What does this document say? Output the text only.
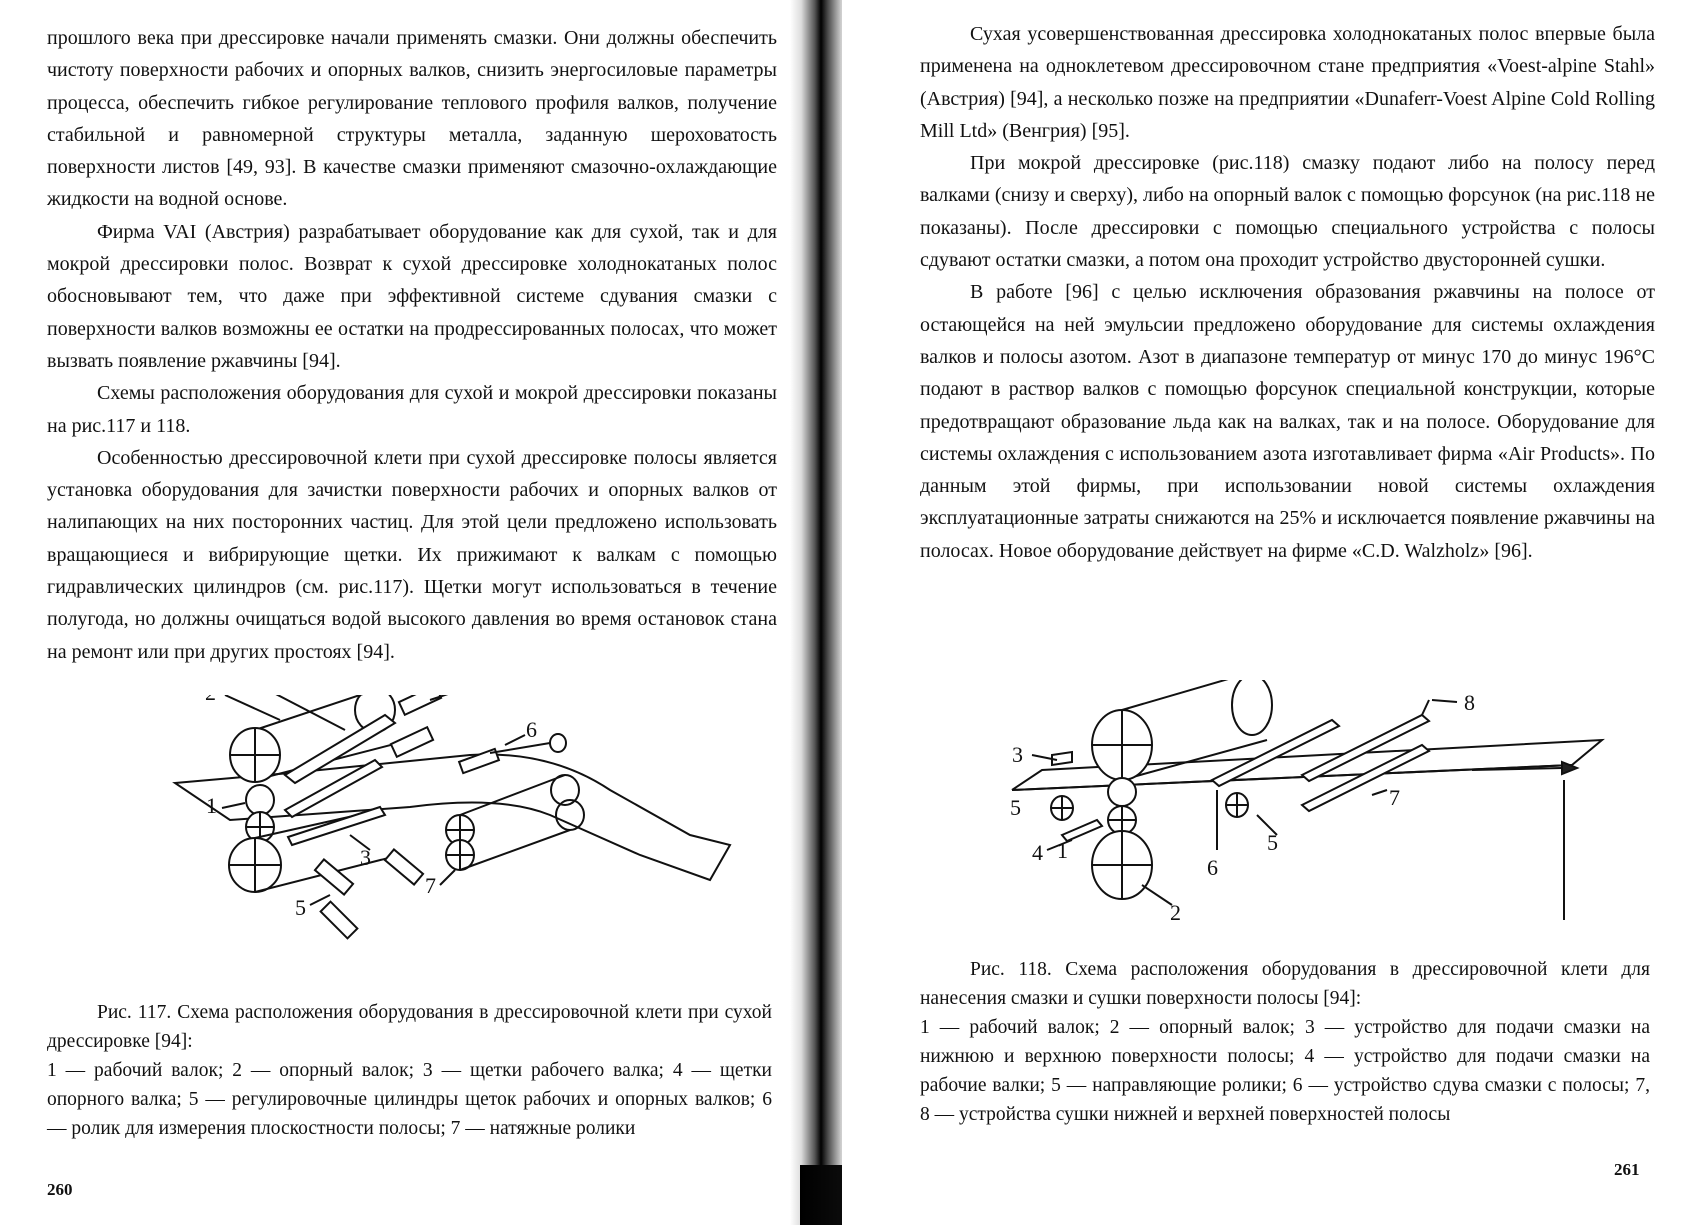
прошлого века при дрессировке начали применять смазки. Они должны обеспечить чистоту поверхности рабочих и опорных валков, снизить энергосиловые параметры процесса, обеспечить гибкое регулирование теплового профиля валков, получение стабильной и равномерной структуры металла, заданную шероховатость поверхности листов [49, 93]. В качестве смазки применяют смазочно-охлаждающие жидкости на водной основе.

Фирма VAI (Австрия) разрабатывает оборудование как для сухой, так и для мокрой дрессировки полос. Возврат к сухой дрессировке холоднокатаных полос обосновывают тем, что даже при эффективной системе сдувания смазки с поверхности валков возможны ее остатки на продрессированных полосах, что может вызвать появление ржавчины [94].

Схемы расположения оборудования для сухой и мокрой дрессировки показаны на рис.117 и 118.

Особенностью дрессировочной клети при сухой дрессировке полосы является установка оборудования для зачистки поверхности рабочих и опорных валков от налипающих на них посторонних частиц. Для этой цели предложено использовать вращающиеся и вибрирующие щетки. Их прижимают к валкам с помощью гидравлических цилиндров (см. рис.117). Щетки могут использоваться в течение полугода, но должны очищаться водой высокого давления во время остановок стана на ремонт или при других простоях [94].

1
6
3
7
5

Рис. 117. Схема расположения оборудования в дрессировочной клети при сухой дрессировке [94]:

1 — рабочий валок; 2 — опорный валок; 3 — щетки рабочего валка; 4 — щетки опорного валка; 5 — регулировочные цилиндры щеток рабочих и опорных валков; 6 — ролик для измерения плоскостности полосы; 7 — натяжные ролики

260

Сухая усовершенствованная дрессировка холоднокатаных полос впервые была применена на одноклетевом дрессировочном стане предприятия «Voest-alpine Stahl» (Австрия) [94], а несколько позже на предприятии «Dunaferr-Voest Alpine Cold Rolling Mill Ltd» (Венгрия) [95].

При мокрой дрессировке (рис.118) смазку подают либо на полосу перед валками (снизу и сверху), либо на опорный валок с помощью форсунок (на рис.118 не показаны). После дрессировки с помощью специального устройства с полосы сдувают остатки смазки, а потом она проходит устройство двусторонней сушки.

В работе [96] с целью исключения образования ржавчины на полосе от остающейся на ней эмульсии предложено оборудование для системы охлаждения валков и полосы азотом. Азот в диапазоне температур от минус 170 до минус 196°С подают в раствор валков с помощью форсунок специальной конструкции, которые предотвращают образование льда как на валках, так и на полосе. Оборудование для системы охлаждения с использованием азота изготавливает фирма «Air Products». По данным этой фирмы, при использовании новой системы охлаждения эксплуатационные затраты снижаются на 25% и исключается появление ржавчины на полосах. Новое оборудование действует на фирме «C.D. Walzholz» [96].

3
8
7
5
6
2
5
4 1

Рис. 118. Схема расположения оборудования в дрессировочной клети для нанесения смазки и сушки поверхности полосы [94]:

1 — рабочий валок; 2 — опорный валок; 3 — устройство для подачи смазки на нижнюю и верхнюю поверхности полосы; 4 — устройство для подачи смазки на рабочие валки; 5 — направляющие ролики; 6 — устройство сдува смазки с полосы; 7, 8 — устройства сушки нижней и верхней поверхностей полосы

261
